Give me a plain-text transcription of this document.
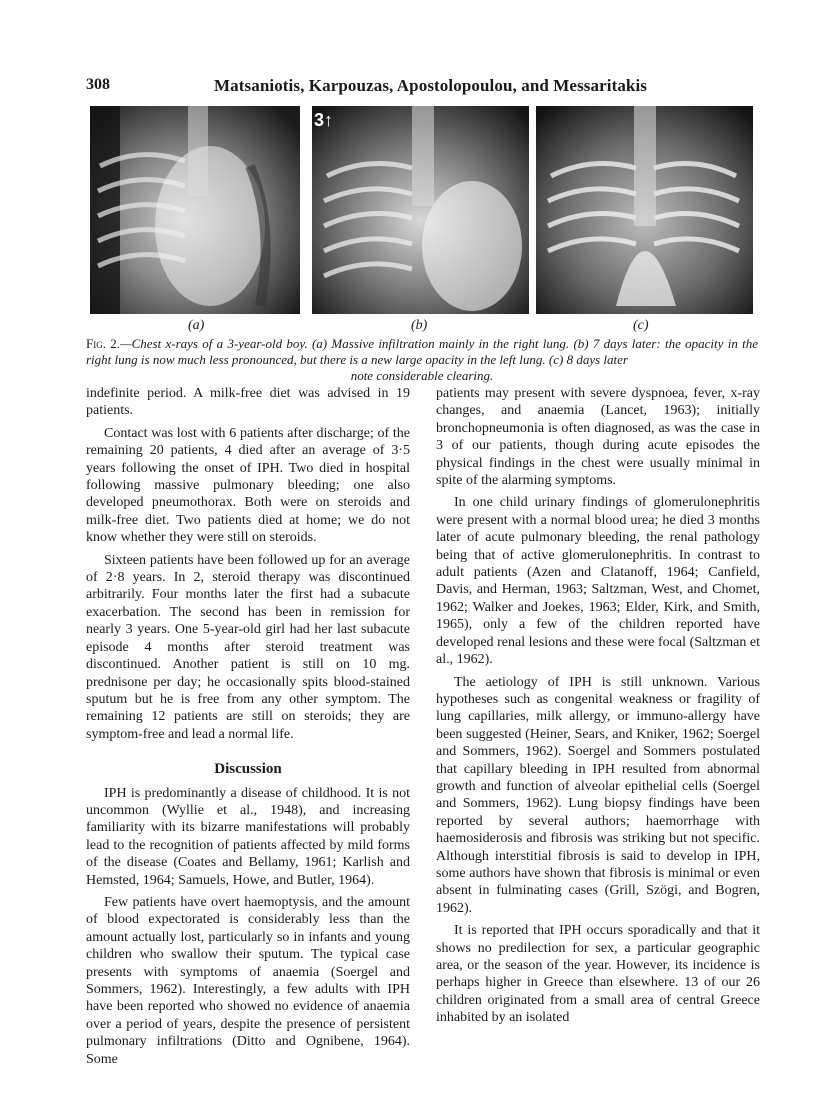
308	Matsaniotis, Karpouzas, Apostolopoulou, and Messaritakis
3↑
(a)	(b)	(c)

Fig. 2.—Chest x-rays of a 3-year-old boy. (a) Massive infiltration mainly in the right lung. (b) 7 days later: the opacity in the right lung is now much less pronounced, but there is a new large opacity in the left lung. (c) 8 days later

note considerable clearing.

indefinite period. A milk-free diet was advised in 19 patients.

Contact was lost with 6 patients after discharge; of the remaining 20 patients, 4 died after an average of 3·5 years following the onset of IPH. Two died in hospital following massive pulmonary bleeding; one also developed pneumothorax. Both were on steroids and milk-free diet. Two patients died at home; we do not know whether they were still on steroids.

Sixteen patients have been followed up for an average of 2·8 years. In 2, steroid therapy was discontinued arbitrarily. Four months later the first had a subacute exacerbation. The second has been in remission for nearly 3 years. One 5-year-old girl had her last subacute episode 4 months after steroid treatment was discontinued. Another patient is still on 10 mg. prednisone per day; he occasionally spits blood-stained sputum but he is free from any other symptom. The remaining 12 patients are still on steroids; they are symptom-free and lead a normal life.

Discussion

IPH is predominantly a disease of childhood. It is not uncommon (Wyllie et al., 1948), and increasing familiarity with its bizarre manifestations will probably lead to the recognition of patients affected by mild forms of the disease (Coates and Bellamy, 1961; Karlish and Hemsted, 1964; Samuels, Howe, and Butler, 1964).

Few patients have overt haemoptysis, and the amount of blood expectorated is considerably less than the amount actually lost, particularly so in infants and young children who swallow their sputum. The typical case presents with symptoms of anaemia (Soergel and Sommers, 1962). Interestingly, a few adults with IPH have been reported who showed no evidence of anaemia over a period of years, despite the presence of persistent pulmonary infiltrations (Ditto and Ognibene, 1964). Some

patients may present with severe dyspnoea, fever, x-ray changes, and anaemia (Lancet, 1963); initially bronchopneumonia is often diagnosed, as was the case in 3 of our patients, though during acute episodes the physical findings in the chest were usually minimal in spite of the alarming symptoms.

In one child urinary findings of glomerulonephritis were present with a normal blood urea; he died 3 months later of acute pulmonary bleeding, the renal pathology being that of active glomerulonephritis. In contrast to adult patients (Azen and Clatanoff, 1964; Canfield, Davis, and Herman, 1963; Saltzman, West, and Chomet, 1962; Walker and Joekes, 1963; Elder, Kirk, and Smith, 1965), only a few of the children reported have developed renal lesions and these were focal (Saltzman et al., 1962).

The aetiology of IPH is still unknown. Various hypotheses such as congenital weakness or fragility of lung capillaries, milk allergy, or immuno-allergy have been suggested (Heiner, Sears, and Kniker, 1962; Soergel and Sommers, 1962). Soergel and Sommers postulated that capillary bleeding in IPH resulted from abnormal growth and function of alveolar epithelial cells (Soergel and Sommers, 1962). Lung biopsy findings have been reported by several authors; haemorrhage with haemosiderosis and fibrosis was striking but not specific. Although interstitial fibrosis is said to develop in IPH, some authors have shown that fibrosis is minimal or even absent in fulminating cases (Grill, Szögi, and Bogren, 1962).

It is reported that IPH occurs sporadically and that it shows no predilection for sex, a particular geographic area, or the season of the year. However, its incidence is perhaps higher in Greece than elsewhere. 13 of our 26 children originated from a small area of central Greece inhabited by an isolated
